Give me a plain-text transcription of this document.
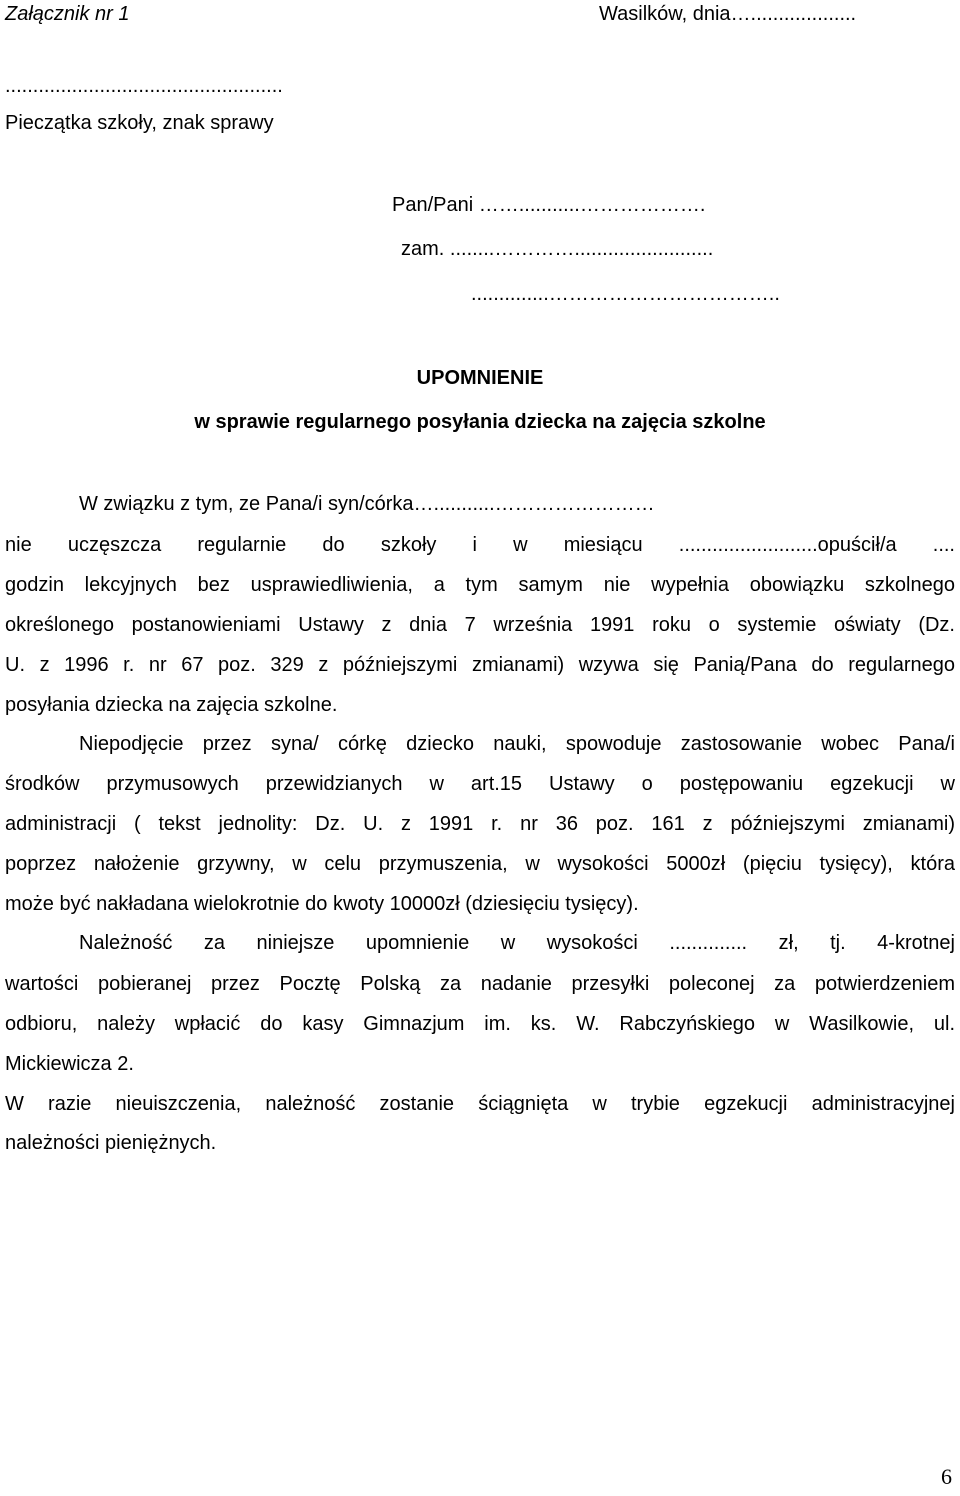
Załącznik nr 1	Wasilków, dnia…...................
..................................................
Pieczątka szkoły, znak sprawy
Pan/Pani ……...........……………….
zam. ........………….........................
..............……………………………..
UPOMNIENIE
w sprawie regularnego posyłania dziecka na zajęcia szkolne
W związku z tym, ze Pana/i syn/córka…...........……………………
nie uczęszcza regularnie do szkoły i w miesiącu .........................opuścił/a ....
godzin lekcyjnych bez usprawiedliwienia, a tym samym nie wypełnia obowiązku szkolnego
określonego postanowieniami Ustawy z dnia 7 września 1991 roku o systemie oświaty (Dz.
U. z 1996 r. nr 67 poz. 329 z późniejszymi zmianami) wzywa się Panią/Pana do regularnego
posyłania dziecka na zajęcia szkolne.
Niepodjęcie przez syna/ córkę dziecko nauki, spowoduje zastosowanie wobec Pana/i
środków przymusowych przewidzianych w art.15 Ustawy o postępowaniu egzekucji w
administracji ( tekst jednolity: Dz. U. z 1991 r. nr 36 poz. 161 z późniejszymi zmianami)
poprzez nałożenie grzywny, w celu przymuszenia, w wysokości 5000zł (pięciu tysięcy), która
może być nakładana wielokrotnie do kwoty 10000zł (dziesięciu tysięcy).
Należność za niniejsze upomnienie w wysokości .............. zł, tj. 4-krotnej
wartości pobieranej przez Pocztę Polską za nadanie przesyłki poleconej za potwierdzeniem
odbioru, należy wpłacić do kasy Gimnazjum im. ks. W. Rabczyńskiego w Wasilkowie, ul.
Mickiewicza 2.
W razie nieuiszczenia, należność zostanie ściągnięta w trybie egzekucji administracyjnej
należności pieniężnych.
6
